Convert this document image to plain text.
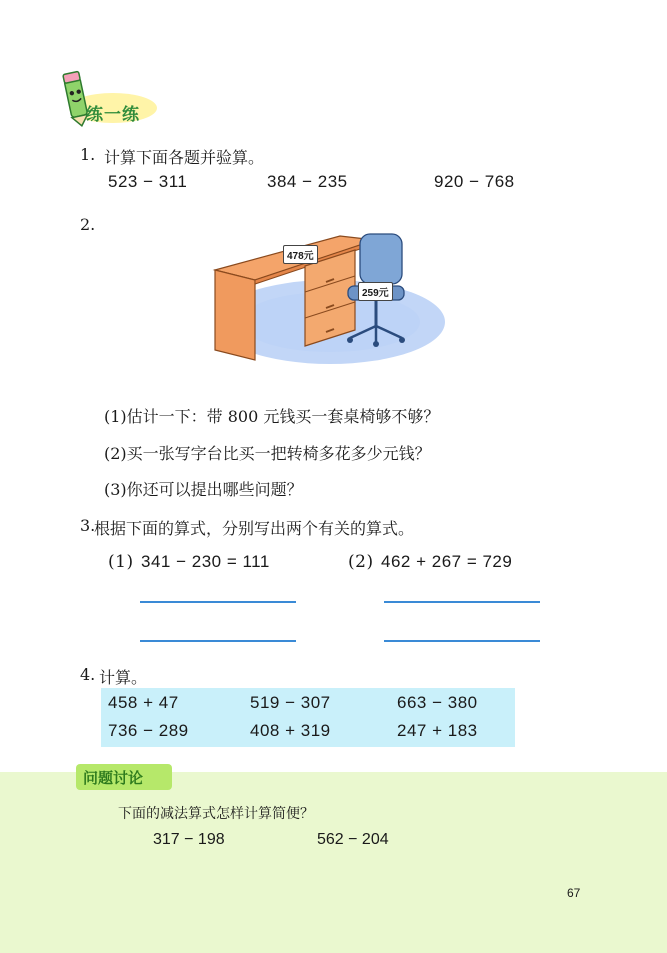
练一练
1. 计算下面各题并验算。
523 − 311	384 − 235	920 − 768
2.
478元
259元
(1)估计一下：带 800 元钱买一套桌椅够不够？
(2)买一张写字台比买一把转椅多花多少元钱？
(3)你还可以提出哪些问题？
3.
根据下面的算式，分别写出两个有关的算式。
(1) 341 − 230 = 111	(2) 462 + 267 = 729
4. 计算。
458 + 47	519 − 307	663 − 380
736 − 289	408 + 319	247 + 183
问题讨论
下面的减法算式怎样计算简便？
317 − 198	562 − 204
67
